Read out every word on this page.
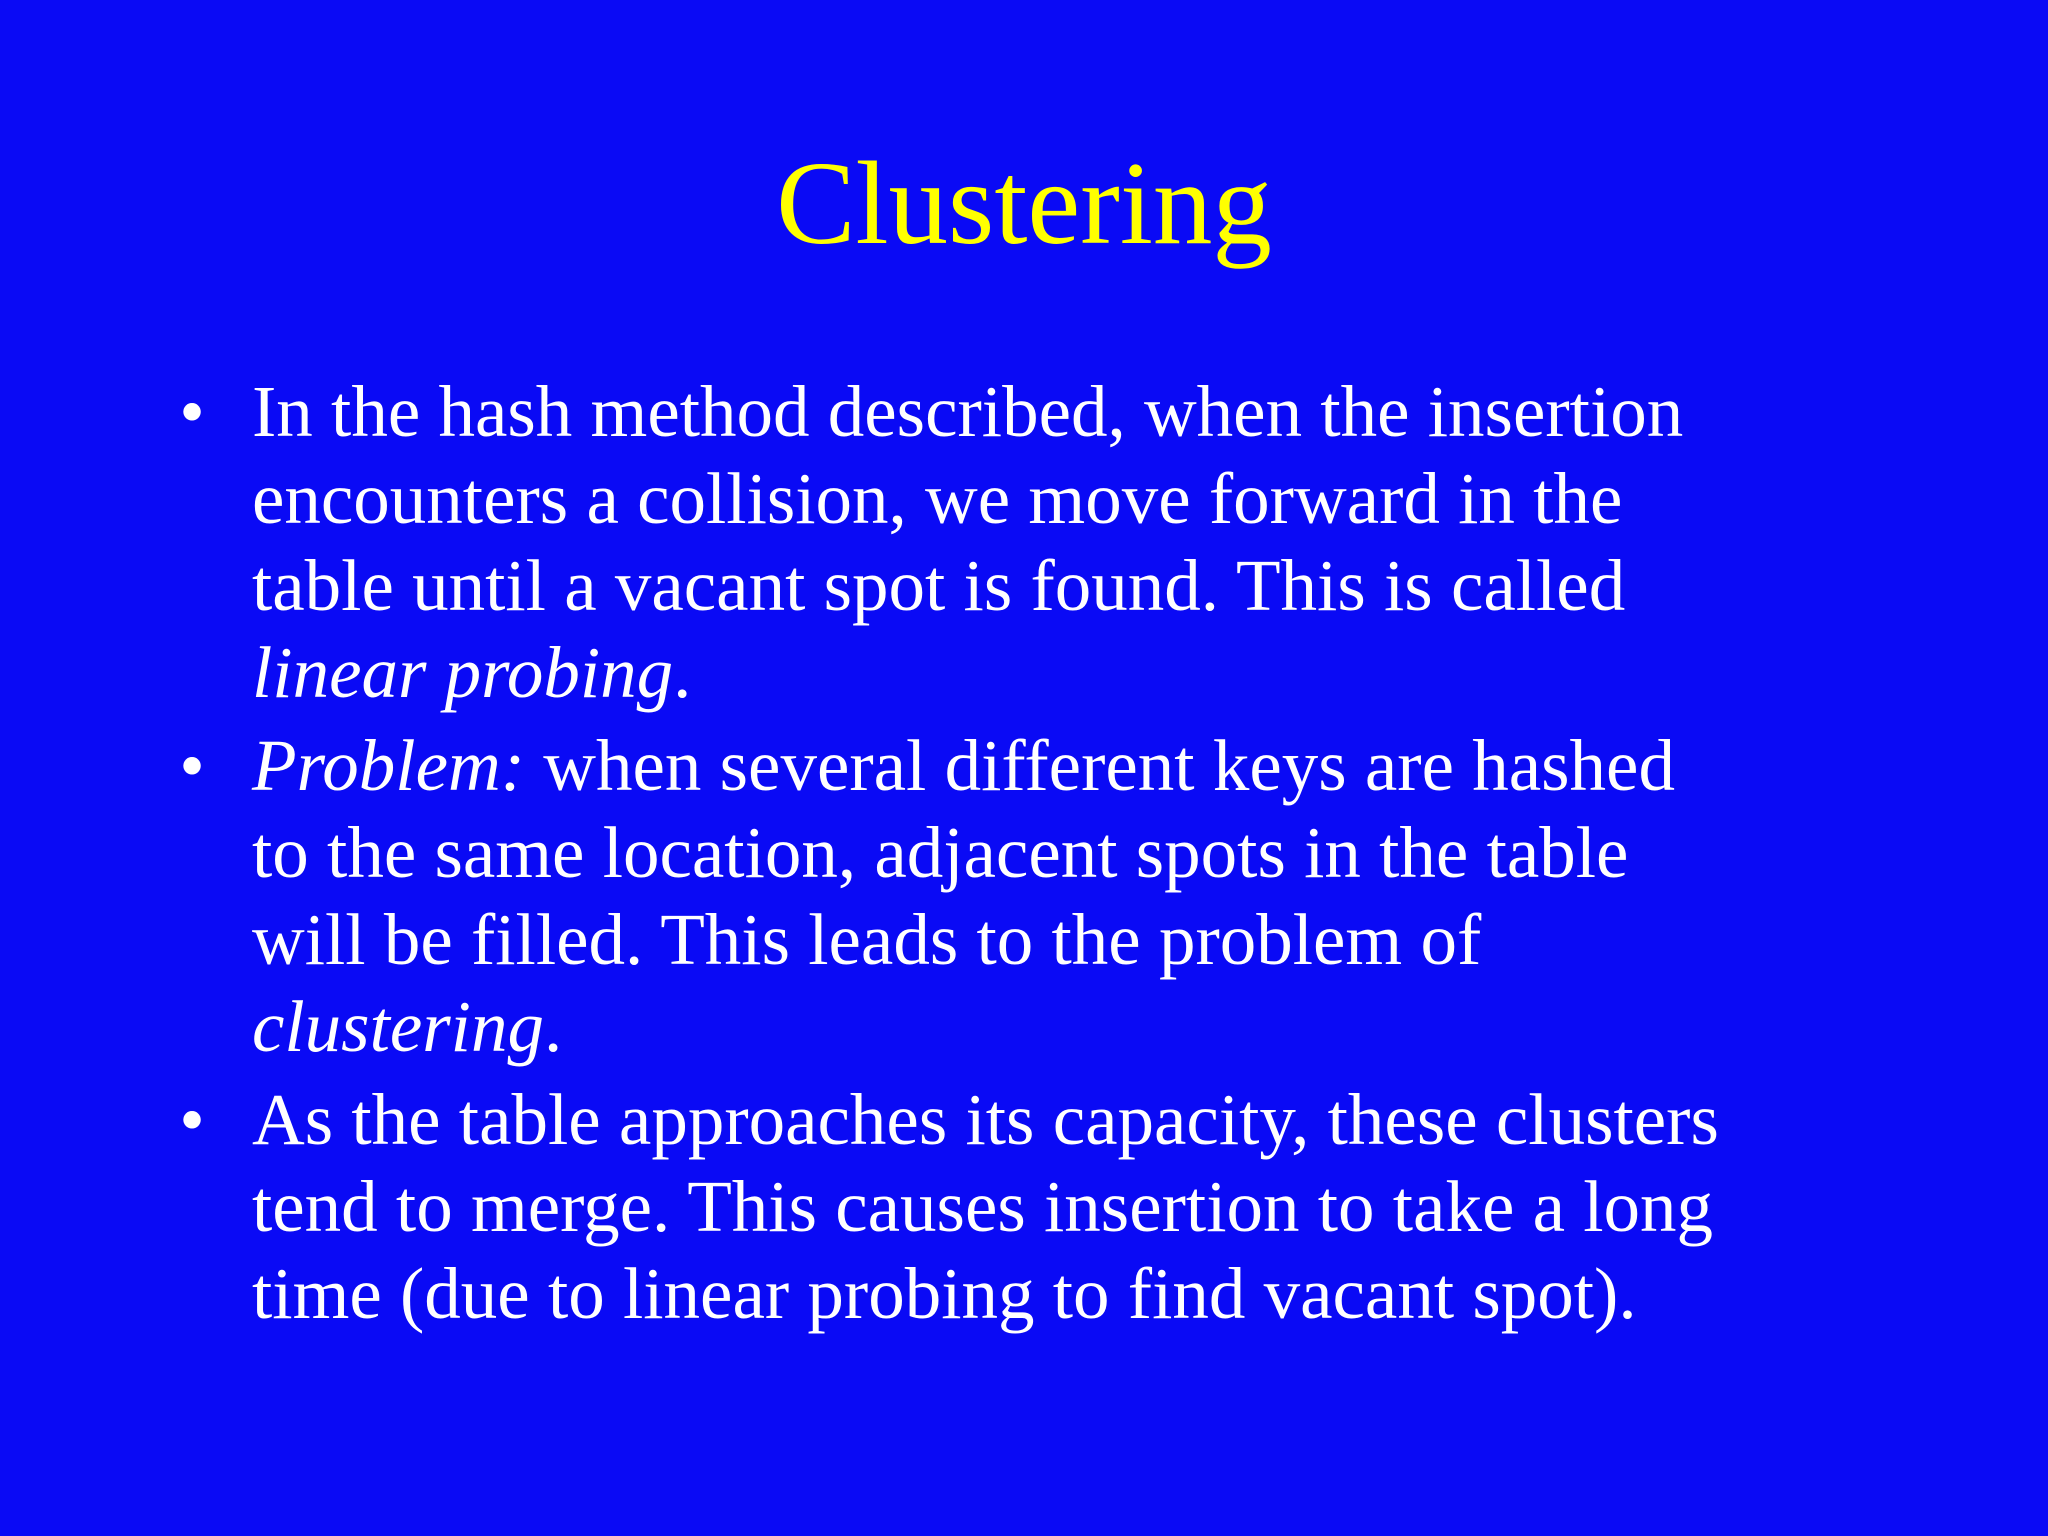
Clustering
• In the hash method described, when the insertion
encounters a collision, we move forward in the
table until a vacant spot is found. This is called
linear probing.
• Problem: when several different keys are hashed
to the same location, adjacent spots in the table
will be filled. This leads to the problem of
clustering.
• As the table approaches its capacity, these clusters
tend to merge. This causes insertion to take a long
time (due to linear probing to find vacant spot).
